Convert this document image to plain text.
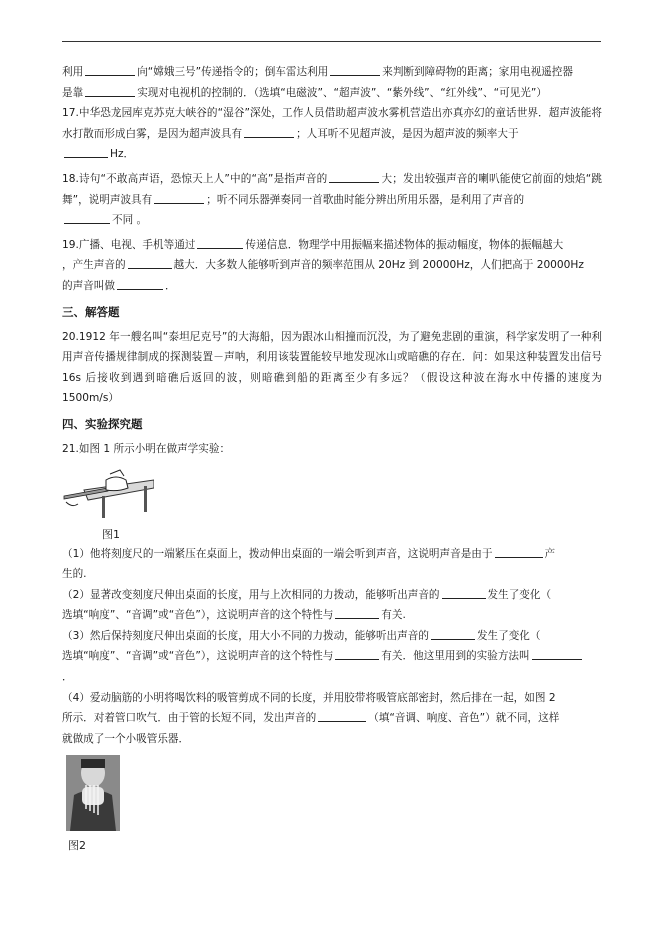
利用	向“嫦娥三号”传递指令的；倒车雷达利用	来判断到障碍物的距离；家用电视遥控器

是靠	实现对电视机的控制的．（选填“电磁波”、“超声波”、“紫外线”、“红外线”、“可见光”）

17.中华恐龙园库克苏克大峡谷的“湿谷”深处，工作人员借助超声波水雾机营造出亦真亦幻的童话世界．超声波能将水打散而形成白雾，是因为超声波具有	；人耳听不见超声波，是因为超声波的频率大于
Hz．

18.诗句“不敢高声语，恐惊天上人”中的“高”是指声音的	大；发出较强声音的喇叭能使它前面的烛焰“跳舞”，说明声波具有	；听不同乐器弹奏同一首歌曲时能分辨出所用乐器，是利用了声音的
不同 。

19.广播、电视、手机等通过	传递信息．物理学中用振幅来描述物体的振动幅度，物体的振幅越大
，产生声音的	越大．大多数人能够听到声音的频率范围从 20Hz 到 20000Hz，人们把高于 20000Hz
的声音叫做	．

三、解答题

20.1912 年一艘名叫“泰坦尼克号”的大海船，因为跟冰山相撞而沉没，为了避免悲剧的重演，科学家发明了一种利用声音传播规律制成的探测装置－声呐，利用该装置能较早地发现冰山或暗礁的存在．问：如果这种装置发出信号 16s 后接收到遇到暗礁后返回的波，则暗礁到船的距离至少有多远？（假设这种波在海水中传播的速度为 1500m/s）

四、实验探究题

21.如图 1 所示小明在做声学实验：

图1

（1）他将刻度尺的一端紧压在桌面上，拨动伸出桌面的一端会听到声音，这说明声音是由于	产
生的.

（2）显著改变刻度尺伸出桌面的长度，用与上次相同的力拨动，能够听出声音的	发生了变化（
选填“响度”、“音调”或“音色”），这说明声音的这个特性与	有关.

（3）然后保持刻度尺伸出桌面的长度，用大小不同的力拨动，能够听出声音的	发生了变化（
选填“响度”、“音调”或“音色”），这说明声音的这个特性与	有关．他这里用到的实验方法叫
．

（4）爱动脑筋的小明将喝饮料的吸管剪成不同的长度，并用胶带将吸管底部密封，然后排在一起，如图 2
所示．对着管口吹气．由于管的长短不同，发出声音的	（填“音调、响度、音色”）就不同，这样
就做成了一个小吸管乐器．

图2
